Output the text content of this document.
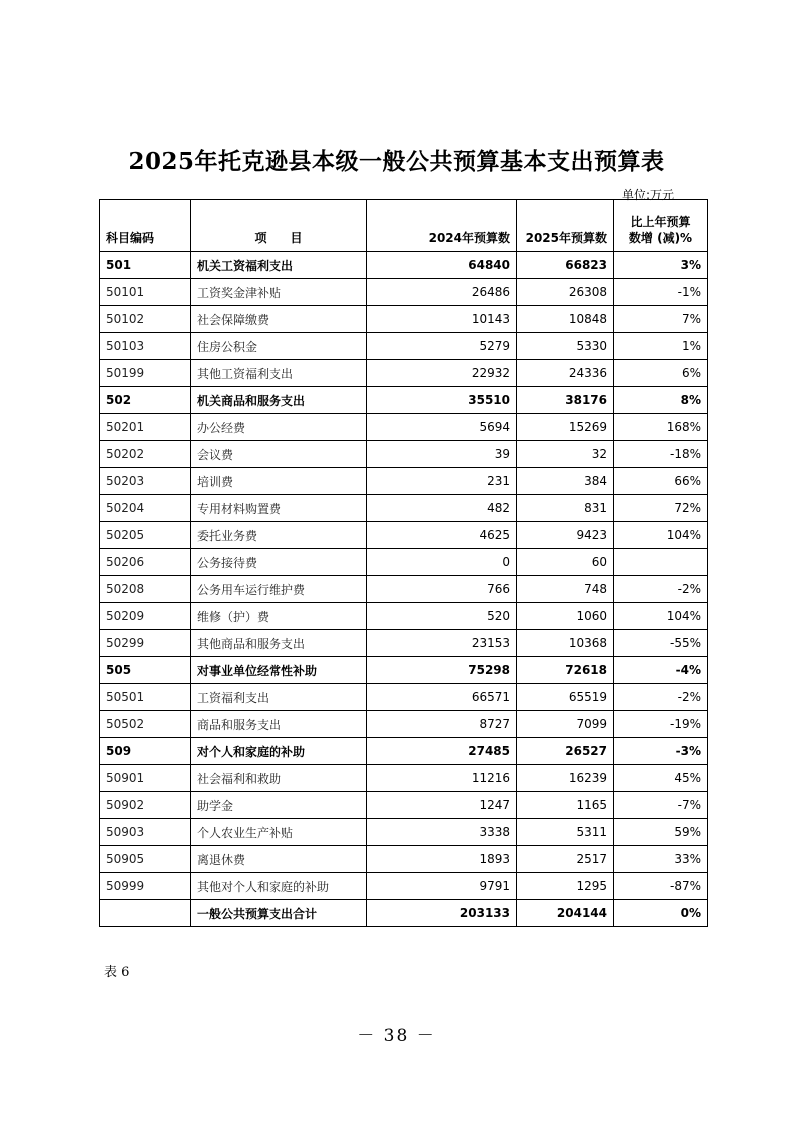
2025年托克逊县本级一般公共预算基本支出预算表
单位:万元
科目编码	项　　目	2024年预算数	2025年预算数	比上年预算
数增 (减)%

501	机关工资福利支出	64840	66823	3%
50101	工资奖金津补贴	26486	26308	-1%
50102	社会保障缴费	10143	10848	7%
50103	住房公积金	5279	5330	1%
50199	其他工资福利支出	22932	24336	6%
502	机关商品和服务支出	35510	38176	8%
50201	办公经费	5694	15269	168%
50202	会议费	39	32	-18%
50203	培训费	231	384	66%
50204	专用材料购置费	482	831	72%
50205	委托业务费	4625	9423	104%
50206	公务接待费	0	60	
50208	公务用车运行维护费	766	748	-2%
50209	维修（护）费	520	1060	104%
50299	其他商品和服务支出	23153	10368	-55%
505	对事业单位经常性补助	75298	72618	-4%
50501	工资福利支出	66571	65519	-2%
50502	商品和服务支出	8727	7099	-19%
509	对个人和家庭的补助	27485	26527	-3%
50901	社会福利和救助	11216	16239	45%
50902	助学金	1247	1165	-7%
50903	个人农业生产补贴	3338	5311	59%
50905	离退休费	1893	2517	33%
50999	其他对个人和家庭的补助	9791	1295	-87%
	一般公共预算支出合计	203133	204144	0%
表 6
－ 38 －
